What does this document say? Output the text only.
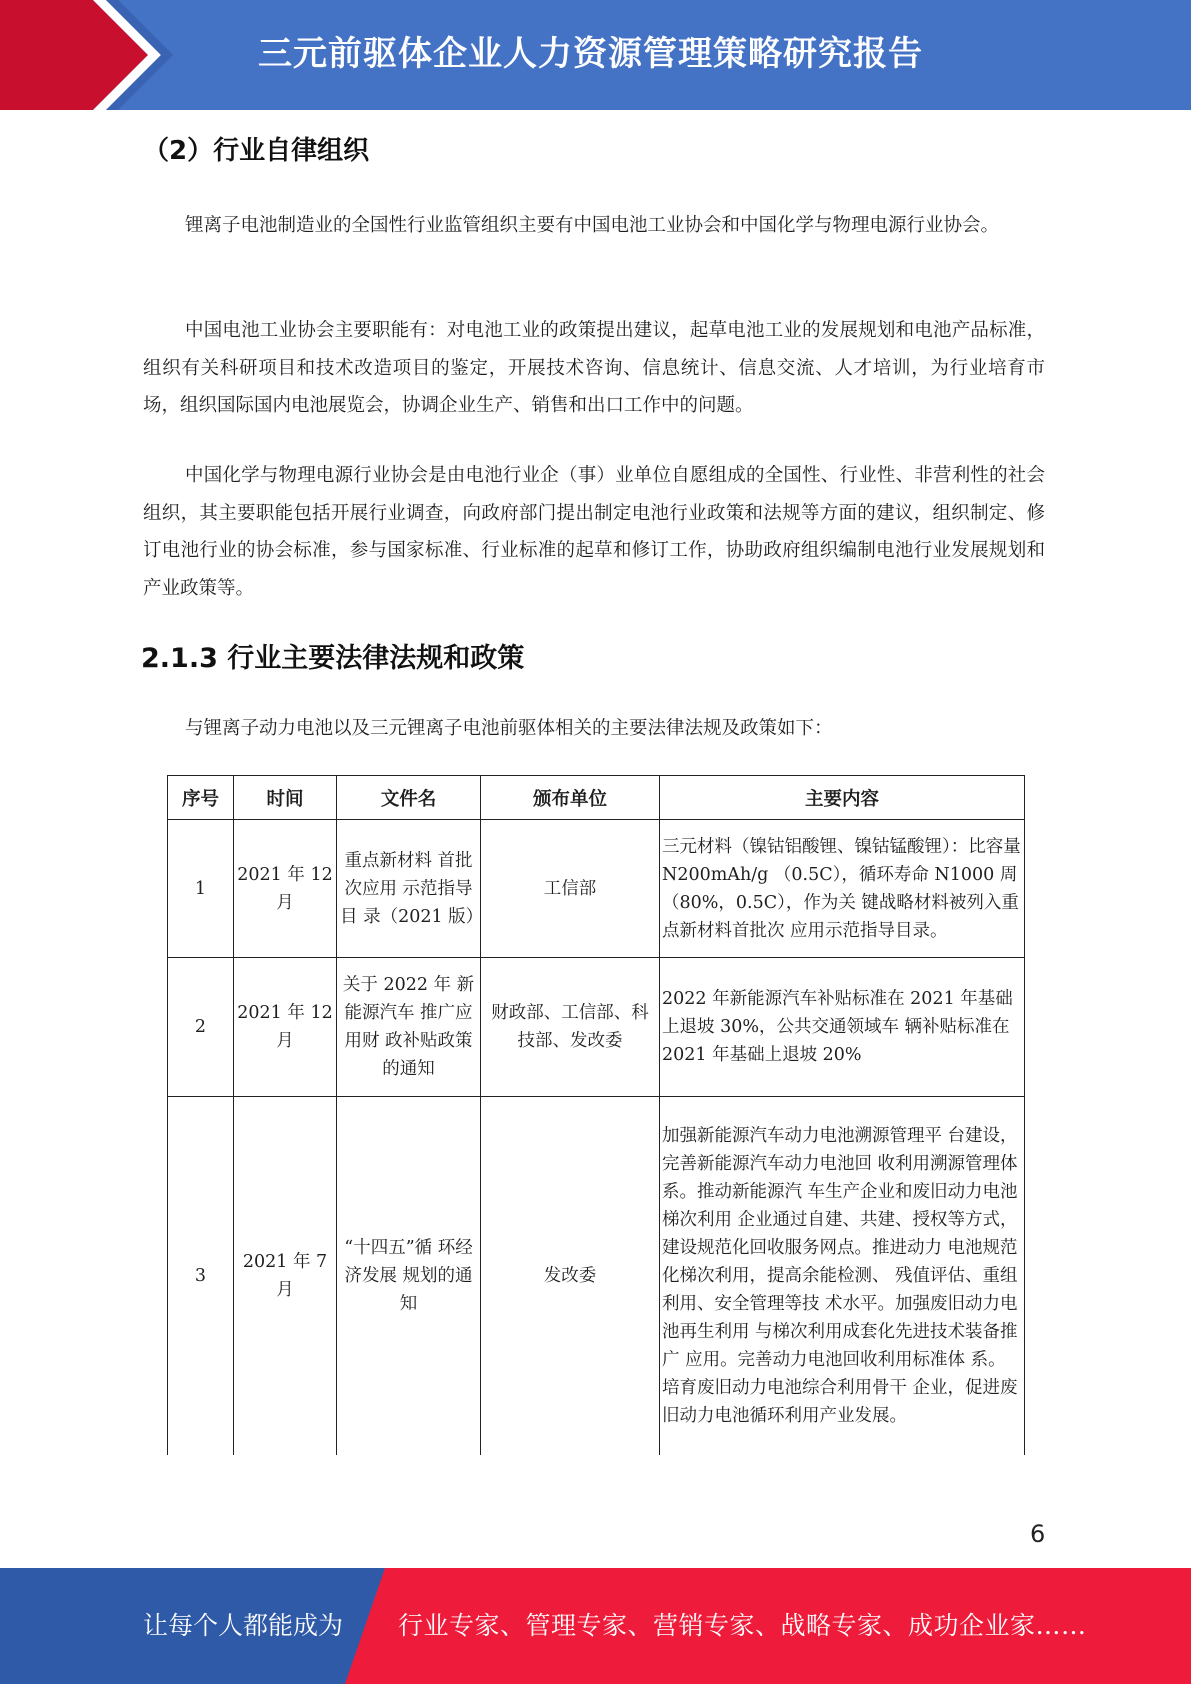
三元前驱体企业人力资源管理策略研究报告
（2）行业自律组织

锂离子电池制造业的全国性行业监管组织主要有中国电池工业协会和中国化学与物理电源行业协会。

中国电池工业协会主要职能有：对电池工业的政策提出建议，起草电池工业的发展规划和电池产品标准，组织有关科研项目和技术改造项目的鉴定，开展技术咨询、信息统计、信息交流、人才培训，为行业培育市场，组织国际国内电池展览会，协调企业生产、销售和出口工作中的问题。

中国化学与物理电源行业协会是由电池行业企（事）业单位自愿组成的全国性、行业性、非营利性的社会组织，其主要职能包括开展行业调查，向政府部门提出制定电池行业政策和法规等方面的建议，组织制定、修订电池行业的协会标准，参与国家标准、行业标准的起草和修订工作，协助政府组织编制电池行业发展规划和产业政策等。

2.1.3 行业主要法律法规和政策

与锂离子动力电池以及三元锂离子电池前驱体相关的主要法律法规及政策如下：

序号	时间	文件名	颁布单位	主要内容
1	2021 年 12 月	重点新材料 首批次应用 示范指导目 录（2021 版）	工信部	三元材料（镍钴铝酸锂、镍钴锰酸锂）：比容量 N200mAh/g （0.5C），循环寿命 N1000 周（80%，0.5C），作为关 键战略材料被列入重点新材料首批次 应用示范指导目录。
2	2021 年 12 月	关于 2022 年 新能源汽车 推广应用财 政补贴政策 的通知	财政部、工信部、科技部、发改委	2022 年新能源汽车补贴标准在 2021 年基础上退坡 30%，公共交通领域车 辆补贴标准在 2021 年基础上退坡 20%
3	2021 年 7 月	“十四五”循 环经济发展 规划的通知	发改委	加强新能源汽车动力电池溯源管理平 台建设，完善新能源汽车动力电池回 收利用溯源管理体系。推动新能源汽 车生产企业和废旧动力电池梯次利用 企业通过自建、共建、授权等方式， 建设规范化回收服务网点。推进动力 电池规范化梯次利用，提高余能检测、 残值评估、重组利用、安全管理等技 术水平。加强废旧动力电池再生利用 与梯次利用成套化先进技术装备推广 应用。完善动力电池回收利用标准体 系。培育废旧动力电池综合利用骨干 企业，促进废旧动力电池循环利用产业发展。
6
让每个人都能成为 行业专家、管理专家、营销专家、战略专家、成功企业家……
